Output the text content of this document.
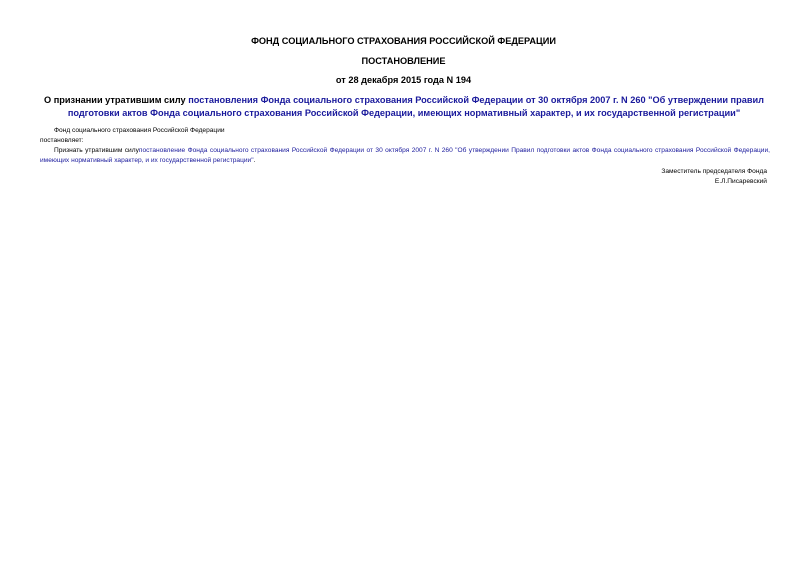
ФОНД СОЦИАЛЬНОГО СТРАХОВАНИЯ РОССИЙСКОЙ ФЕДЕРАЦИИ
ПОСТАНОВЛЕНИЕ
от 28 декабря 2015 года N 194
О признании утратившим силу постановления Фонда социального страхования Российской Федерации от 30 октября 2007 г. N 260 "Об утверждении правил подготовки актов Фонда социального страхования Российской Федерации, имеющих нормативный характер, и их государственной регистрации"
Фонд социального страхования Российской Федерации
постановляет:
Признать утратившим силупостановление Фонда социального страхования Российской Федерации от 30 октября 2007 г. N 260 "Об утверждении Правил подготовки актов Фонда социального страхования Российской Федерации, имеющих нормативный характер, и их государственной регистрации".
Заместитель председателя Фонда
Е.Л.Писаревский
